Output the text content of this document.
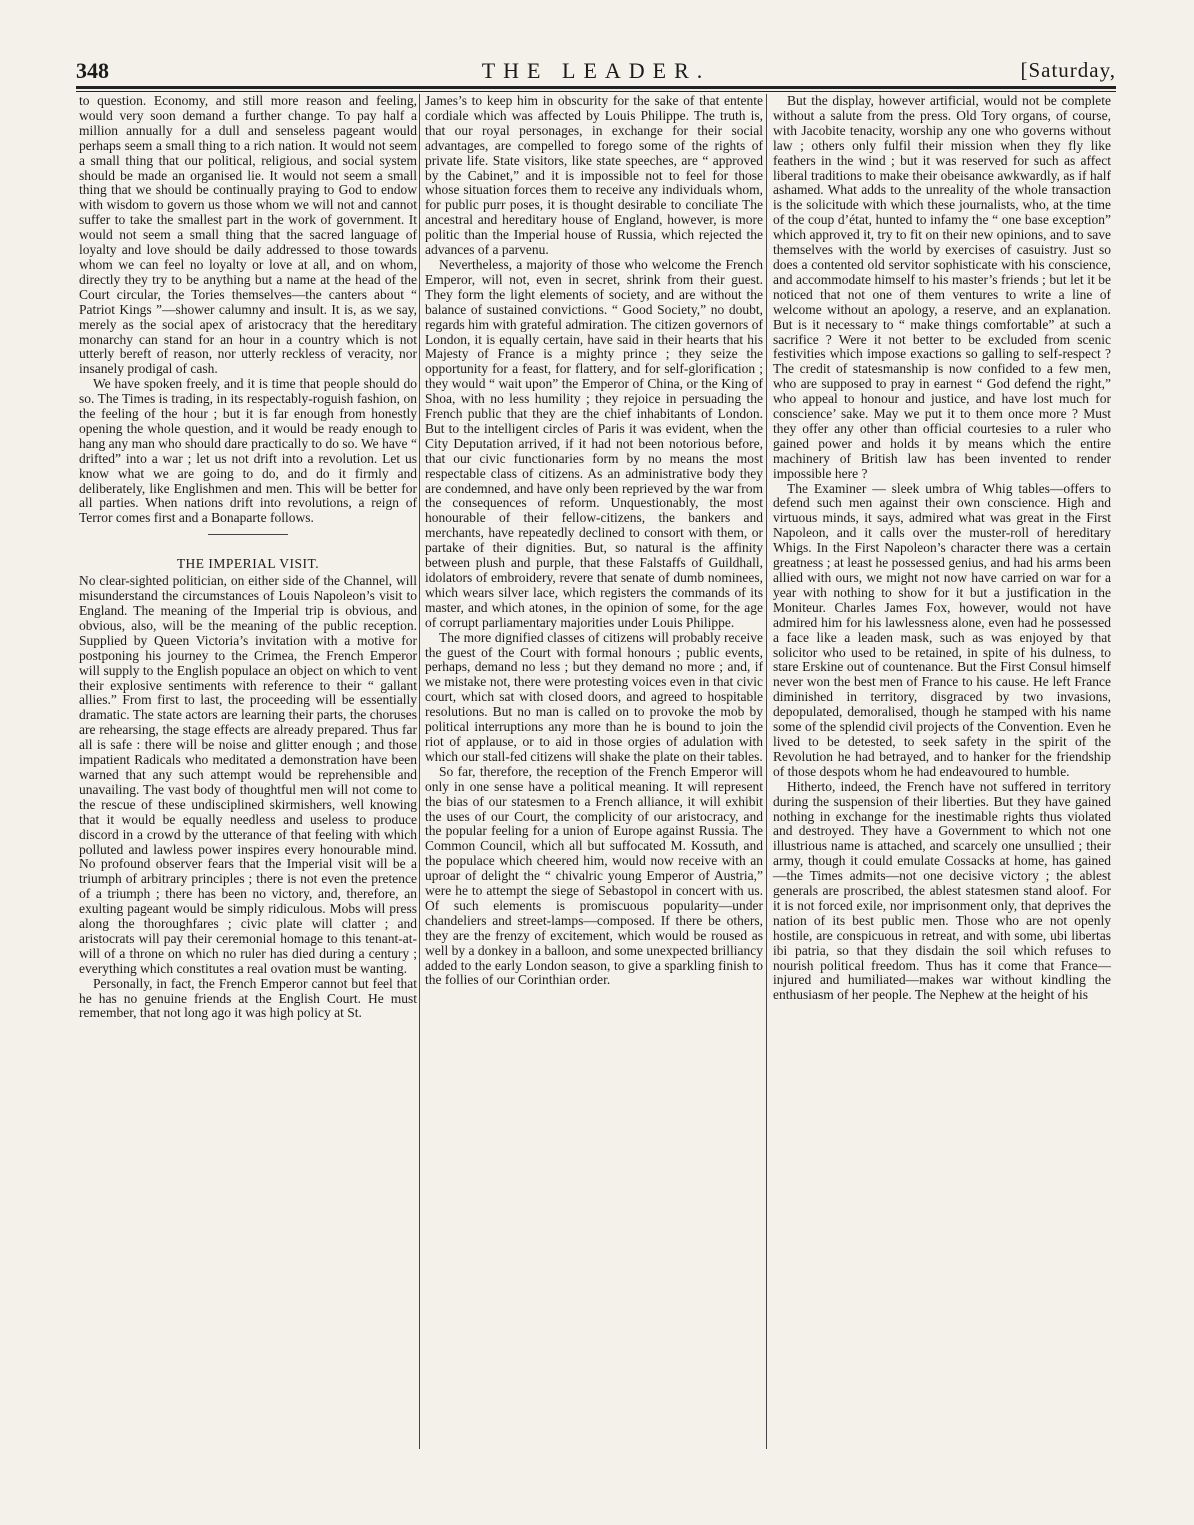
348	THE LEADER.	[Saturday,

to question. Economy, and still more reason and feeling, would very soon demand a further change. To pay half a million annually for a dull and senseless pageant would perhaps seem a small thing to a rich nation. It would not seem a small thing that our political, religious, and social system should be made an organised lie. It would not seem a small thing that we should be continually praying to God to endow with wisdom to govern us those whom we will not and cannot suffer to take the smallest part in the work of government. It would not seem a small thing that the sacred language of loyalty and love should be daily addressed to those towards whom we can feel no loyalty or love at all, and on whom, directly they try to be anything but a name at the head of the Court circular, the Tories themselves—the canters about “ Patriot Kings ”—shower calumny and insult. It is, as we say, merely as the social apex of aristocracy that the hereditary monarchy can stand for an hour in a country which is not utterly bereft of reason, nor utterly reckless of veracity, nor insanely prodigal of cash.

We have spoken freely, and it is time that people should do so. The Times is trading, in its respectably-roguish fashion, on the feeling of the hour ; but it is far enough from honestly opening the whole question, and it would be ready enough to hang any man who should dare practically to do so. We have “ drifted” into a war ; let us not drift into a revolution. Let us know what we are going to do, and do it firmly and deliberately, like Englishmen and men. This will be better for all parties. When nations drift into revolutions, a reign of Terror comes first and a Bonaparte follows.

THE IMPERIAL VISIT.

No clear-sighted politician, on either side of the Channel, will misunderstand the circumstances of Louis Napoleon’s visit to England. The meaning of the Imperial trip is obvious, and obvious, also, will be the meaning of the public reception. Supplied by Queen Victoria’s invitation with a motive for postponing his journey to the Crimea, the French Emperor will supply to the English populace an object on which to vent their explosive sentiments with reference to their “ gallant allies.” From first to last, the proceeding will be essentially dramatic. The state actors are learning their parts, the choruses are rehearsing, the stage effects are already prepared. Thus far all is safe : there will be noise and glitter enough ; and those impatient Radicals who meditated a demonstration have been warned that any such attempt would be reprehensible and unavailing. The vast body of thoughtful men will not come to the rescue of these undisciplined skirmishers, well knowing that it would be equally needless and useless to produce discord in a crowd by the utterance of that feeling with which polluted and lawless power inspires every honourable mind. No profound observer fears that the Imperial visit will be a triumph of arbitrary principles ; there is not even the pretence of a triumph ; there has been no victory, and, therefore, an exulting pageant would be simply ridiculous. Mobs will press along the thoroughfares ; civic plate will clatter ; and aristocrats will pay their ceremonial homage to this tenant-at-will of a throne on which no ruler has died during a century ; everything which constitutes a real ovation must be wanting.

Personally, in fact, the French Emperor cannot but feel that he has no genuine friends at the English Court. He must remember, that not long ago it was high policy at St.

James’s to keep him in obscurity for the sake of that entente cordiale which was affected by Louis Philippe. The truth is, that our royal personages, in exchange for their social advantages, are compelled to forego some of the rights of private life. State visitors, like state speeches, are “ approved by the Cabinet,” and it is impossible not to feel for those whose situation forces them to receive any individuals whom, for public purr poses, it is thought desirable to conciliate The ancestral and hereditary house of England, however, is more politic than the Imperial house of Russia, which rejected the advances of a parvenu.

Nevertheless, a majority of those who welcome the French Emperor, will not, even in secret, shrink from their guest. They form the light elements of society, and are without the balance of sustained convictions. “ Good Society,” no doubt, regards him with grateful admiration. The citizen governors of London, it is equally certain, have said in their hearts that his Majesty of France is a mighty prince ; they seize the opportunity for a feast, for flattery, and for self-glorification ; they would “ wait upon” the Emperor of China, or the King of Shoa, with no less humility ; they rejoice in persuading the French public that they are the chief inhabitants of London. But to the intelligent circles of Paris it was evident, when the City Deputation arrived, if it had not been notorious before, that our civic functionaries form by no means the most respectable class of citizens. As an administrative body they are condemned, and have only been reprieved by the war from the consequences of reform. Unquestionably, the most honourable of their fellow-citizens, the bankers and merchants, have repeatedly declined to consort with them, or partake of their dignities. But, so natural is the affinity between plush and purple, that these Falstaffs of Guildhall, idolators of embroidery, revere that senate of dumb nominees, which wears silver lace, which registers the commands of its master, and which atones, in the opinion of some, for the age of corrupt parliamentary majorities under Louis Philippe.

The more dignified classes of citizens will probably receive the guest of the Court with formal honours ; public events, perhaps, demand no less ; but they demand no more ; and, if we mistake not, there were protesting voices even in that civic court, which sat with closed doors, and agreed to hospitable resolutions. But no man is called on to provoke the mob by political interruptions any more than he is bound to join the riot of applause, or to aid in those orgies of adulation with which our stall-fed citizens will shake the plate on their tables.

So far, therefore, the reception of the French Emperor will only in one sense have a political meaning. It will represent the bias of our statesmen to a French alliance, it will exhibit the uses of our Court, the complicity of our aristocracy, and the popular feeling for a union of Europe against Russia. The Common Council, which all but suffocated M. Kossuth, and the populace which cheered him, would now receive with an uproar of delight the “ chivalric young Emperor of Austria,” were he to attempt the siege of Sebastopol in concert with us. Of such elements is promiscuous popularity—under chandeliers and street-lamps—composed. If there be others, they are the frenzy of excitement, which would be roused as well by a donkey in a balloon, and some unexpected brilliancy added to the early London season, to give a sparkling finish to the follies of our Corinthian order.

But the display, however artificial, would not be complete without a salute from the press. Old Tory organs, of course, with Jacobite tenacity, worship any one who governs without law ; others only fulfil their mission when they fly like feathers in the wind ; but it was reserved for such as affect liberal traditions to make their obeisance awkwardly, as if half ashamed. What adds to the unreality of the whole transaction is the solicitude with which these journalists, who, at the time of the coup d’état, hunted to infamy the “ one base exception” which approved it, try to fit on their new opinions, and to save themselves with the world by exercises of casuistry. Just so does a contented old servitor sophisticate with his conscience, and accommodate himself to his master’s friends ; but let it be noticed that not one of them ventures to write a line of welcome without an apology, a reserve, and an explanation. But is it necessary to “ make things comfortable” at such a sacrifice ? Were it not better to be excluded from scenic festivities which impose exactions so galling to self-respect ? The credit of statesmanship is now confided to a few men, who are supposed to pray in earnest “ God defend the right,” who appeal to honour and justice, and have lost much for conscience’ sake. May we put it to them once more ? Must they offer any other than official courtesies to a ruler who gained power and holds it by means which the entire machinery of British law has been invented to render impossible here ?

The Examiner — sleek umbra of Whig tables—offers to defend such men against their own conscience. High and virtuous minds, it says, admired what was great in the First Napoleon, and it calls over the muster-roll of hereditary Whigs. In the First Napoleon’s character there was a certain greatness ; at least he possessed genius, and had his arms been allied with ours, we might not now have carried on war for a year with nothing to show for it but a justification in the Moniteur. Charles James Fox, however, would not have admired him for his lawlessness alone, even had he possessed a face like a leaden mask, such as was enjoyed by that solicitor who used to be retained, in spite of his dulness, to stare Erskine out of countenance. But the First Consul himself never won the best men of France to his cause. He left France diminished in territory, disgraced by two invasions, depopulated, demoralised, though he stamped with his name some of the splendid civil projects of the Convention. Even he lived to be detested, to seek safety in the spirit of the Revolution he had betrayed, and to hanker for the friendship of those despots whom he had endeavoured to humble.

Hitherto, indeed, the French have not suffered in territory during the suspension of their liberties. But they have gained nothing in exchange for the inestimable rights thus violated and destroyed. They have a Government to which not one illustrious name is attached, and scarcely one unsullied ; their army, though it could emulate Cossacks at home, has gained—the Times admits—not one decisive victory ; the ablest generals are proscribed, the ablest statesmen stand aloof. For it is not forced exile, nor imprisonment only, that deprives the nation of its best public men. Those who are not openly hostile, are conspicuous in retreat, and with some, ubi libertas ibi patria, so that they disdain the soil which refuses to nourish political freedom. Thus has it come that France—injured and humiliated—makes war without kindling the enthusiasm of her people. The Nephew at the height of his
